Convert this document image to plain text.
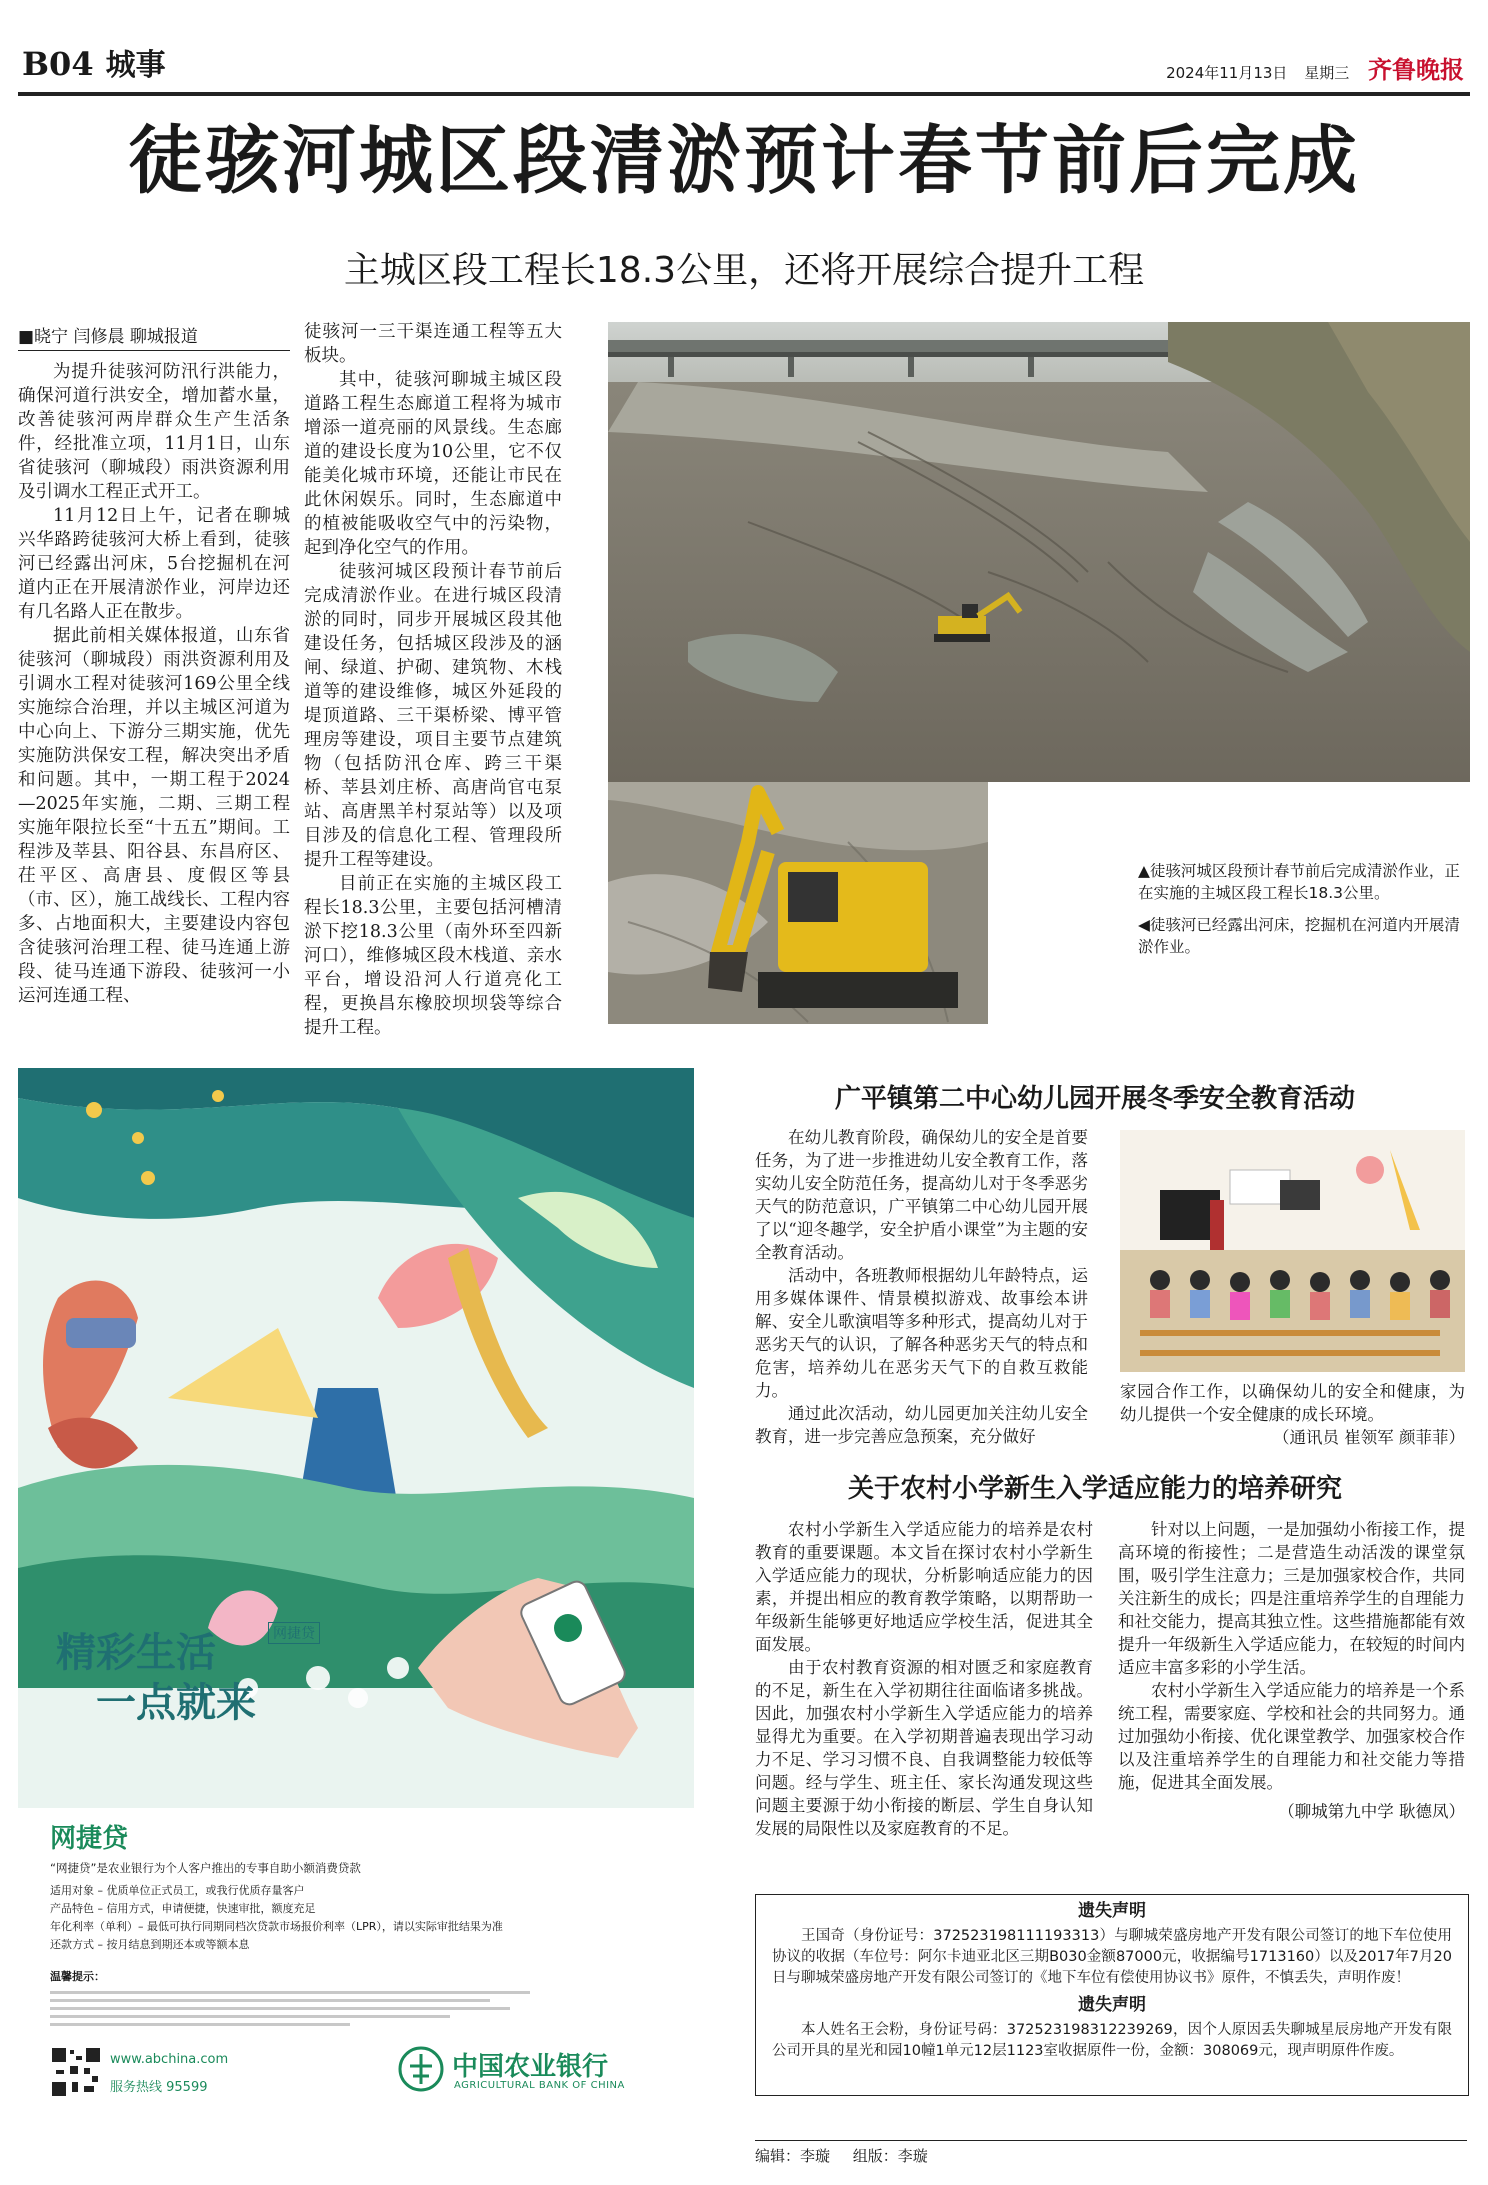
B04 城事	2024年11月13日 星期三 齐鲁晚报
徒骇河城区段清淤预计春节前后完成
主城区段工程长18.3公里，还将开展综合提升工程
■晓宁 闫修晨 聊城报道

为提升徒骇河防汛行洪能力，确保河道行洪安全，增加蓄水量，改善徒骇河两岸群众生产生活条件，经批准立项，11月1日，山东省徒骇河（聊城段）雨洪资源利用及引调水工程正式开工。

11月12日上午，记者在聊城兴华路跨徒骇河大桥上看到，徒骇河已经露出河床，5台挖掘机在河道内正在开展清淤作业，河岸边还有几名路人正在散步。

据此前相关媒体报道，山东省徒骇河（聊城段）雨洪资源利用及引调水工程对徒骇河169公里全线实施综合治理，并以主城区河道为中心向上、下游分三期实施，优先实施防洪保安工程，解决突出矛盾和问题。其中，一期工程于2024—2025年实施，二期、三期工程实施年限拉长至“十五五”期间。工程涉及莘县、阳谷县、东昌府区、茌平区、高唐县、度假区等县（市、区），施工战线长、工程内容多、占地面积大，主要建设内容包含徒骇河治理工程、徒马连通上游段、徒马连通下游段、徒骇河一小运河连通工程、

徒骇河一三干渠连通工程等五大板块。

其中，徒骇河聊城主城区段道路工程生态廊道工程将为城市增添一道亮丽的风景线。生态廊道的建设长度为10公里，它不仅能美化城市环境，还能让市民在此休闲娱乐。同时，生态廊道中的植被能吸收空气中的污染物，起到净化空气的作用。

徒骇河城区段预计春节前后完成清淤作业。在进行城区段清淤的同时，同步开展城区段其他建设任务，包括城区段涉及的涵闸、绿道、护砌、建筑物、木栈道等的建设维修，城区外延段的堤顶道路、三干渠桥梁、博平管理房等建设，项目主要节点建筑物（包括防汛仓库、跨三干渠桥、莘县刘庄桥、高唐尚官屯泵站、高唐黑羊村泵站等）以及项目涉及的信息化工程、管理段所提升工程等建设。

目前正在实施的主城区段工程长18.3公里，主要包括河槽清淤下挖18.3公里（南外环至四新河口），维修城区段木栈道、亲水平台，增设沿河人行道亮化工程，更换昌东橡胶坝坝袋等综合提升工程。

▲徒骇河城区段预计春节前后完成清淤作业，正在实施的主城区段工程长18.3公里。

◀徒骇河已经露出河床，挖掘机在河道内开展清淤作业。

精彩生活
一点就来
网捷贷
网捷贷
“网捷贷”是农业银行为个人客户推出的专事自助小额消费贷款
适用对象 – 优质单位正式员工，或我行优质存量客户
产品特色 – 信用方式，申请便捷，快速审批，额度充足
年化利率（单利）– 最低可执行同期同档次贷款市场报价利率（LPR），请以实际审批结果为准
还款方式 – 按月结息到期还本或等额本息
温馨提示：
www.abchina.com
服务热线 95599
中国农业银行
AGRICULTURAL BANK OF CHINA
广平镇第二中心幼儿园开展冬季安全教育活动

在幼儿教育阶段，确保幼儿的安全是首要任务，为了进一步推进幼儿安全教育工作，落实幼儿安全防范任务，提高幼儿对于冬季恶劣天气的防范意识，广平镇第二中心幼儿园开展了以“迎冬趣学，安全护盾小课堂”为主题的安全教育活动。

活动中，各班教师根据幼儿年龄特点，运用多媒体课件、情景模拟游戏、故事绘本讲解、安全儿歌演唱等多种形式，提高幼儿对于恶劣天气的认识，了解各种恶劣天气的特点和危害，培养幼儿在恶劣天气下的自救互救能力。

通过此次活动，幼儿园更加关注幼儿安全教育，进一步完善应急预案，充分做好

家园合作工作，以确保幼儿的安全和健康，为幼儿提供一个安全健康的成长环境。

（通讯员 崔领军 颜菲菲）

关于农村小学新生入学适应能力的培养研究

农村小学新生入学适应能力的培养是农村教育的重要课题。本文旨在探讨农村小学新生入学适应能力的现状，分析影响适应能力的因素，并提出相应的教育教学策略，以期帮助一年级新生能够更好地适应学校生活，促进其全面发展。

由于农村教育资源的相对匮乏和家庭教育的不足，新生在入学初期往往面临诸多挑战。因此，加强农村小学新生入学适应能力的培养显得尤为重要。在入学初期普遍表现出学习动力不足、学习习惯不良、自我调整能力较低等问题。经与学生、班主任、家长沟通发现这些问题主要源于幼小衔接的断层、学生自身认知发展的局限性以及家庭教育的不足。

针对以上问题，一是加强幼小衔接工作，提高环境的衔接性；二是营造生动活泼的课堂氛围，吸引学生注意力；三是加强家校合作，共同关注新生的成长；四是注重培养学生的自理能力和社交能力，提高其独立性。这些措施都能有效提升一年级新生入学适应能力，在较短的时间内适应丰富多彩的小学生活。

农村小学新生入学适应能力的培养是一个系统工程，需要家庭、学校和社会的共同努力。通过加强幼小衔接、优化课堂教学、加强家校合作以及注重培养学生的自理能力和社交能力等措施，促进其全面发展。

（聊城第九中学 耿德凤）

遗失声明
王国奇（身份证号：372523198111193313）与聊城荣盛房地产开发有限公司签订的地下车位使用协议的收据（车位号：阿尔卡迪亚北区三期B030金额87000元，收据编号1713160）以及2017年7月20日与聊城荣盛房地产开发有限公司签订的《地下车位有偿使用协议书》原件，不慎丢失，声明作废！
遗失声明
本人姓名王会粉，身份证号码：372523198312239269，因个人原因丢失聊城星辰房地产开发有限公司开具的星光和园10幢1单元12层1123室收据原件一份，金额：308069元，现声明原件作废。
编辑：李璇 组版：李璇
